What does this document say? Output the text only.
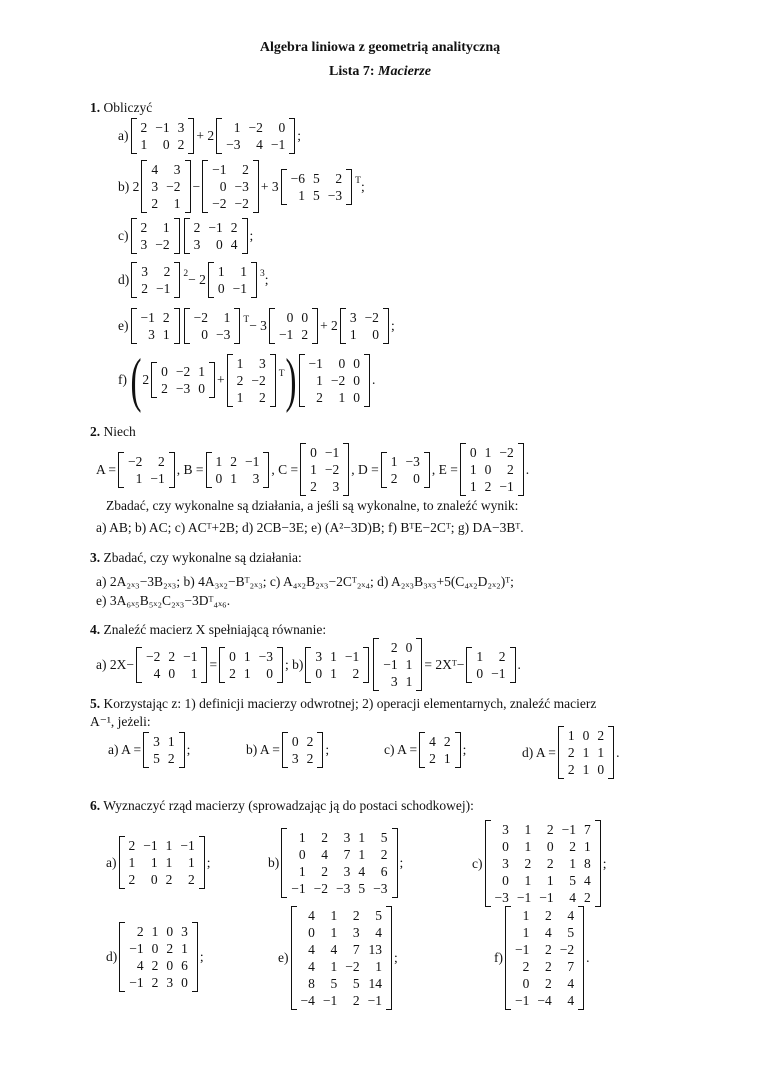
Algebra liniowa z geometrią analityczną
Lista 7: Macierze
1. Obliczyć
a)
2	−1	3
1	0	2
+ 2
1	−2	0
−3	4	−1
;
b)
2
4	3
3	−2
2	1
−
−1	2
0	−3
−2	−2
+ 3
−6	5	2
1	5	−3
T ;
c)
2	1
3	−2
2	−1	2
3	0	4
;
d)
3	2
2	−1
2 − 2
1	1
0	−1
3 ;
e)
−1	2
3	1
−2	1
0	−3
T − 3
0	0
−1	2
+ 2
3	−2
1	0
;
f)
( 2
0	−2	1
2	−3	0
+
1	3
2	−2
1	2
T ) −1	0	0
1	−2	0
2	1	0
.
2. Niech
A =
−2	2
1	−1
, B =
1	2	−1
0	1	3
, C =
0	−1
1	−2
2	3
, D =
1	−3
2	0
, E =
0	1	−2
1	0	2
1	2	−1
.
Zbadać, czy wykonalne są działania, a jeśli są wykonalne, to znaleźć wynik:
a) AB; b) AC; c) ACᵀ+2B; d) 2CB−3E; e) (A²−3D)B; f) BᵀE−2Cᵀ; g) DA−3Bᵀ.
3. Zbadać, czy wykonalne są działania:
a) 2A₂ₓ₃−3B₂ₓ₃; b) 4A₃ₓ₂−Bᵀ₂ₓ₃; c) A₄ₓ₂B₂ₓ₃−2Cᵀ₂ₓ₄; d) A₂ₓ₃B₃ₓ₃+5(C₄ₓ₂D₂ₓ₂)ᵀ;
e) 3A₆ₓ₅B₅ₓ₂C₂ₓ₃−3Dᵀ₄ₓ₆.
4. Znaleźć macierz X spełniającą równanie:
a) 2X−
−2	2	−1
4	0	1
=
0	1	−3
2	1	0
;
b)
3	1	−1
0	1	2
2	0
−1	1
3	1
= 2Xᵀ−
1	2
0	−1
.
5. Korzystając z: 1) definicji macierzy odwrotnej; 2) operacji elementarnych, znaleźć macierz
A⁻¹, jeżeli:
a) A =
3	1
5	2
;	b) A =
0	2
3	2
;	c) A =
4	2
2	1
;	d) A =
1	0	2
2	1	1
2	1	0
.
6. Wyznaczyć rząd macierzy (sprowadzając ją do postaci schodkowej):
a)
2	−1	1	−1
1	1	1	1
2	0	2	2
;	b)
1	2	3	1	5
0	4	7	1	2
1	2	3	4	6
−1	−2	−3	5	−3
;	c)
3	1	2	−1	7
0	1	0	2	1
3	2	2	1	8
0	1	1	5	4
−3	−1	−1	4	2
;
d)
2	1	0	3
−1	0	2	1
4	2	0	6
−1	2	3	0
;	e)
4	1	2	5
0	1	3	4
4	4	7	13
4	1	−2	1
8	5	5	14
−4	−1	2	−1
;	f)
1	2	4
1	4	5
−1	2	−2
2	2	7
0	2	4
−1	−4	4
.
